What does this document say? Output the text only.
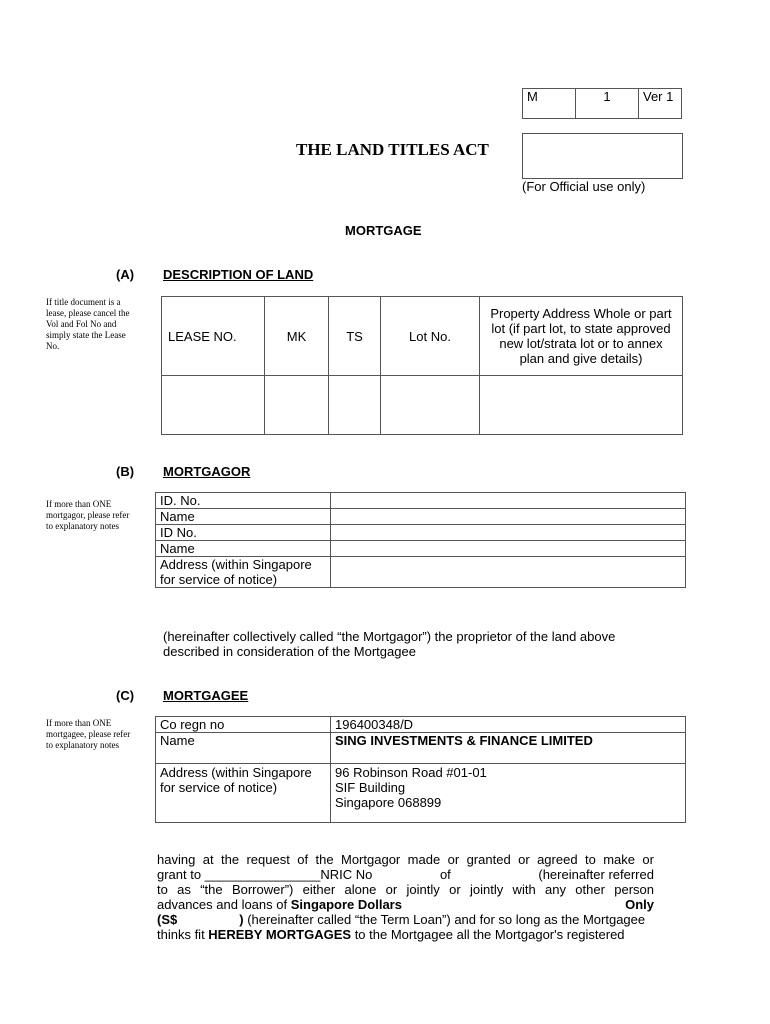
M	1	Ver 1
THE LAND TITLES ACT
(For Official use only)
MORTGAGE
(A) DESCRIPTION OF LAND
If title document is a lease, please cancel the Vol and Fol No and simply state the Lease No.
LEASE NO.	MK	TS	Lot No.	Property Address Whole or part lot (if part lot, to state approved new lot/strata lot or to annex plan and give details)

(B) MORTGAGOR
If more than ONE mortgagor, please refer to explanatory notes
ID. No.	
Name	
ID No.	
Name	
Address (within Singapore for service of notice)	
(hereinafter collectively called “the Mortgagor”) the proprietor of the land above described in consideration of the Mortgagee
(C) MORTGAGEE
If more than ONE mortgagee, please refer to explanatory notes
Co regn no	196400348/D
Name	SING INVESTMENTS & FINANCE LIMITED
Address (within Singapore for service of notice)	96 Robinson Road #01-01
SIF Building
Singapore 068899
having at the request of the Mortgagor made or granted or agreed to make or
grant to ________________NRIC No	of	(hereinafter referred
to as “the Borrower”) either alone or jointly or jointly with any other person
advances and loans of Singapore Dollars	Only
(S$	) (hereinafter called “the Term Loan”) and for so long as the Mortgagee
thinks fit HEREBY MORTGAGES to the Mortgagee all the Mortgagor's registered
